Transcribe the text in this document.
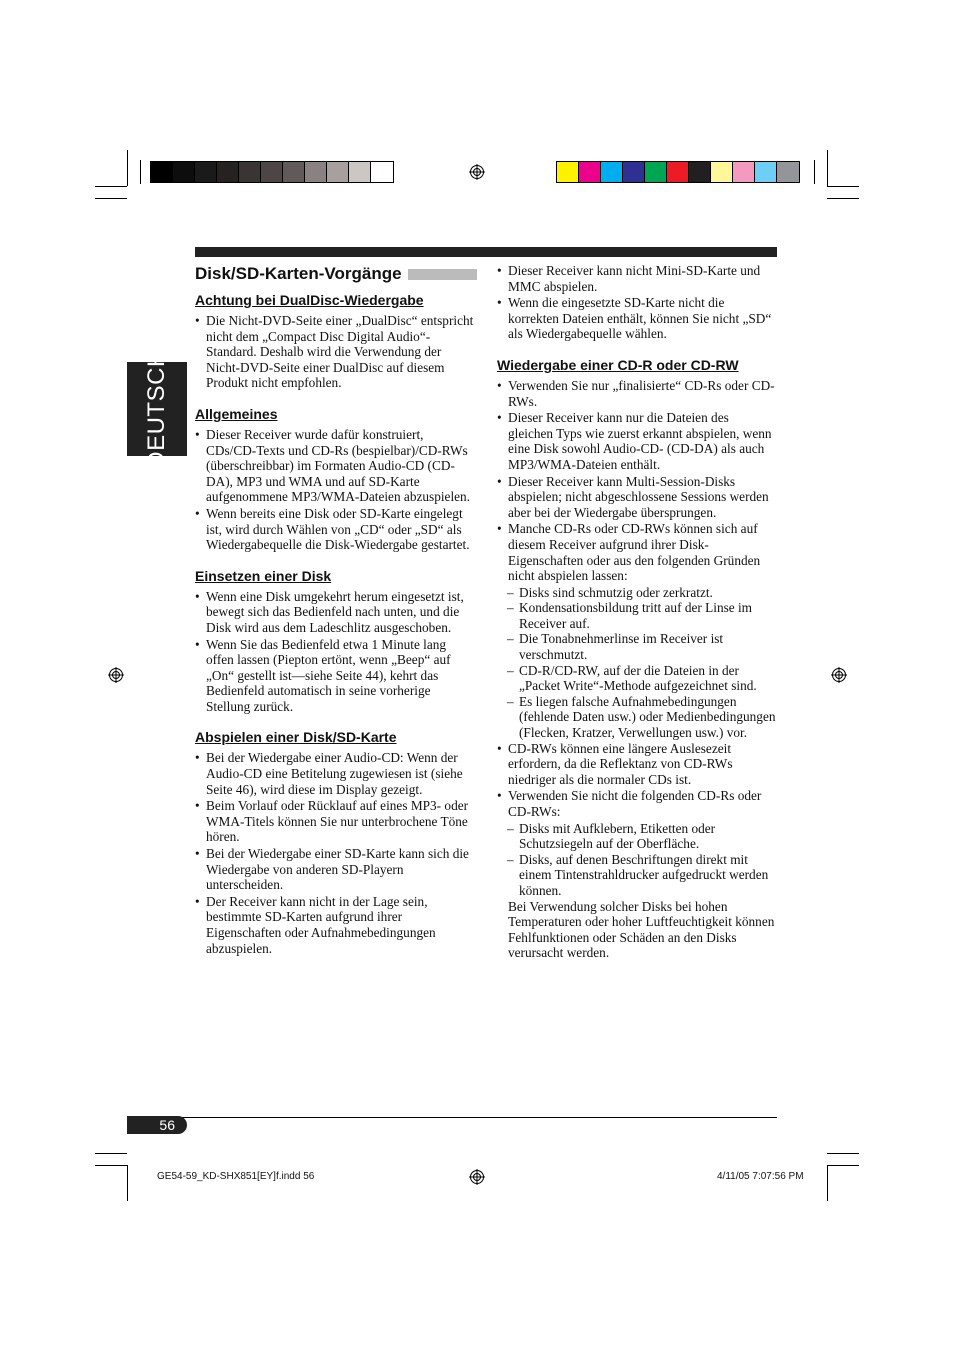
DEUTSCH
Disk/SD-Karten-Vorgänge
Achtung bei DualDisc-Wiedergabe
• Die Nicht-DVD-Seite einer „DualDisc“ entspricht nicht dem „Compact Disc Digital Audio“-Standard. Deshalb wird die Verwendung der Nicht-DVD-Seite einer DualDisc auf diesem Produkt nicht empfohlen.
Allgemeines
• Dieser Receiver wurde dafür konstruiert, CDs/CD-Texts und CD-Rs (bespielbar)/CD-RWs (überschreibbar) im Formaten Audio-CD (CD-DA), MP3 und WMA und auf SD-Karte aufgenommene MP3/WMA-Dateien abzuspielen.
• Wenn bereits eine Disk oder SD-Karte eingelegt ist, wird durch Wählen von „CD“ oder „SD“ als Wiedergabequelle die Disk-Wiedergabe gestartet.
Einsetzen einer Disk
• Wenn eine Disk umgekehrt herum eingesetzt ist, bewegt sich das Bedienfeld nach unten, und die Disk wird aus dem Ladeschlitz ausgeschoben.
• Wenn Sie das Bedienfeld etwa 1 Minute lang offen lassen (Piepton ertönt, wenn „Beep“ auf „On“ gestellt ist—siehe Seite 44), kehrt das Bedienfeld automatisch in seine vorherige Stellung zurück.
Abspielen einer Disk/SD-Karte
• Bei der Wiedergabe einer Audio-CD: Wenn der Audio-CD eine Betitelung zugewiesen ist (siehe Seite 46), wird diese im Display gezeigt.
• Beim Vorlauf oder Rücklauf auf eines MP3- oder WMA-Titels können Sie nur unterbrochene Töne hören.
• Bei der Wiedergabe einer SD-Karte kann sich die Wiedergabe von anderen SD-Playern unterscheiden.
• Der Receiver kann nicht in der Lage sein, bestimmte SD-Karten aufgrund ihrer Eigenschaften oder Aufnahmebedingungen abzuspielen.
• Dieser Receiver kann nicht Mini-SD-Karte und MMC abspielen.
• Wenn die eingesetzte SD-Karte nicht die korrekten Dateien enthält, können Sie nicht „SD“ als Wiedergabequelle wählen.
Wiedergabe einer CD-R oder CD-RW
• Verwenden Sie nur „finalisierte“ CD-Rs oder CD-RWs.
• Dieser Receiver kann nur die Dateien des gleichen Typs wie zuerst erkannt abspielen, wenn eine Disk sowohl Audio-CD- (CD-DA) als auch MP3/WMA-Dateien enthält.
• Dieser Receiver kann Multi-Session-Disks abspielen; nicht abgeschlossene Sessions werden aber bei der Wiedergabe übersprungen.
• Manche CD-Rs oder CD-RWs können sich auf diesem Receiver aufgrund ihrer Disk-Eigenschaften oder aus den folgenden Gründen nicht abspielen lassen:
– Disks sind schmutzig oder zerkratzt.
– Kondensationsbildung tritt auf der Linse im Receiver auf.
– Die Tonabnehmerlinse im Receiver ist verschmutzt.
– CD-R/CD-RW, auf der die Dateien in der „Packet Write“-Methode aufgezeichnet sind.
– Es liegen falsche Aufnahmebedingungen (fehlende Daten usw.) oder Medienbedingungen (Flecken, Kratzer, Verwellungen usw.) vor.
• CD-RWs können eine längere Auslesezeit erfordern, da die Reflektanz von CD-RWs niedriger als die normaler CDs ist.
• Verwenden Sie nicht die folgenden CD-Rs oder CD-RWs:
– Disks mit Aufklebern, Etiketten oder Schutzsiegeln auf der Oberfläche.
– Disks, auf denen Beschriftungen direkt mit einem Tintenstrahldrucker aufgedruckt werden können.
Bei Verwendung solcher Disks bei hohen Temperaturen oder hoher Luftfeuchtigkeit können Fehlfunktionen oder Schäden an den Disks verursacht werden.
56
GE54-59_KD-SHX851[EY]f.indd 56	4/11/05 7:07:56 PM
